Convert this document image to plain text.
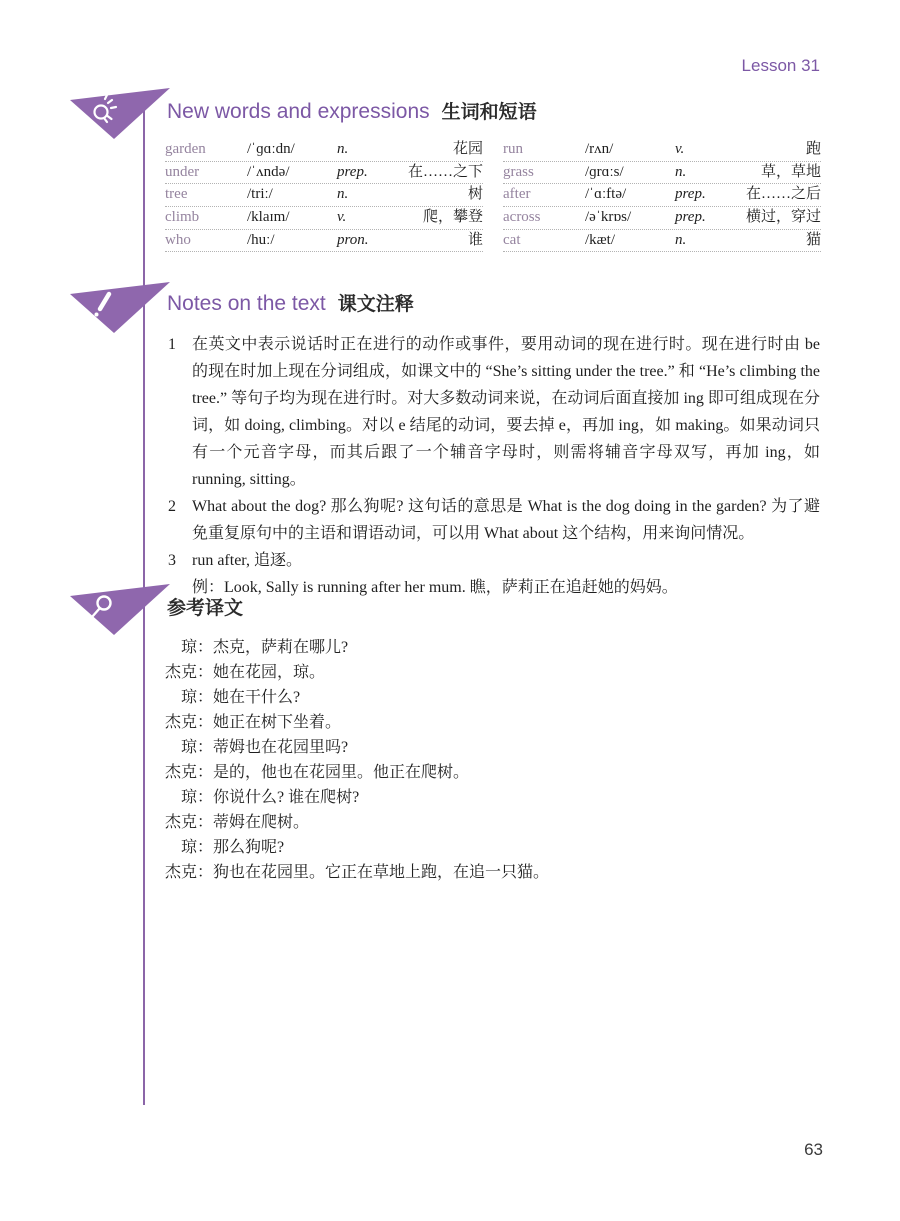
Lesson 31
New words and expressions 生词和短语
garden	/ˈɡɑːdn/	n.	花园
under	/ˈʌndə/	prep.	在……之下
tree	/triː/	n.	树
climb	/klaɪm/	v.	爬，攀登
who	/huː/	pron.	谁
run	/rʌn/	v.	跑
grass	/ɡrɑːs/	n.	草，草地
after	/ˈɑːftə/	prep.	在……之后
across	/əˈkrɒs/	prep.	横过，穿过
cat	/kæt/	n.	猫
Notes on the text 课文注释
1	在英文中表示说话时正在进行的动作或事件，要用动词的现在进行时。现在进行时由 be 的现在时加上现在分词组成，如课文中的 “She’s sitting under the tree.” 和 “He’s climbing the tree.” 等句子均为现在进行时。对大多数动词来说，在动词后面直接加 ing 即可组成现在分词，如 doing, climbing。对以 e 结尾的动词，要去掉 e，再加 ing，如 making。如果动词只有一个元音字母，而其后跟了一个辅音字母时，则需将辅音字母双写，再加 ing，如 running, sitting。
2	What about the dog? 那么狗呢? 这句话的意思是 What is the dog doing in the garden? 为了避免重复原句中的主语和谓语动词，可以用 What about 这个结构，用来询问情况。
3	run after, 追逐。
例：Look, Sally is running after her mum. 瞧，萨莉正在追赶她的妈妈。
参考译文
　琼：杰克，萨莉在哪儿?
杰克：她在花园，琼。
　琼：她在干什么?
杰克：她正在树下坐着。
　琼：蒂姆也在花园里吗?
杰克：是的，他也在花园里。他正在爬树。
　琼：你说什么? 谁在爬树?
杰克：蒂姆在爬树。
　琼：那么狗呢?
杰克：狗也在花园里。它正在草地上跑，在追一只猫。
63
